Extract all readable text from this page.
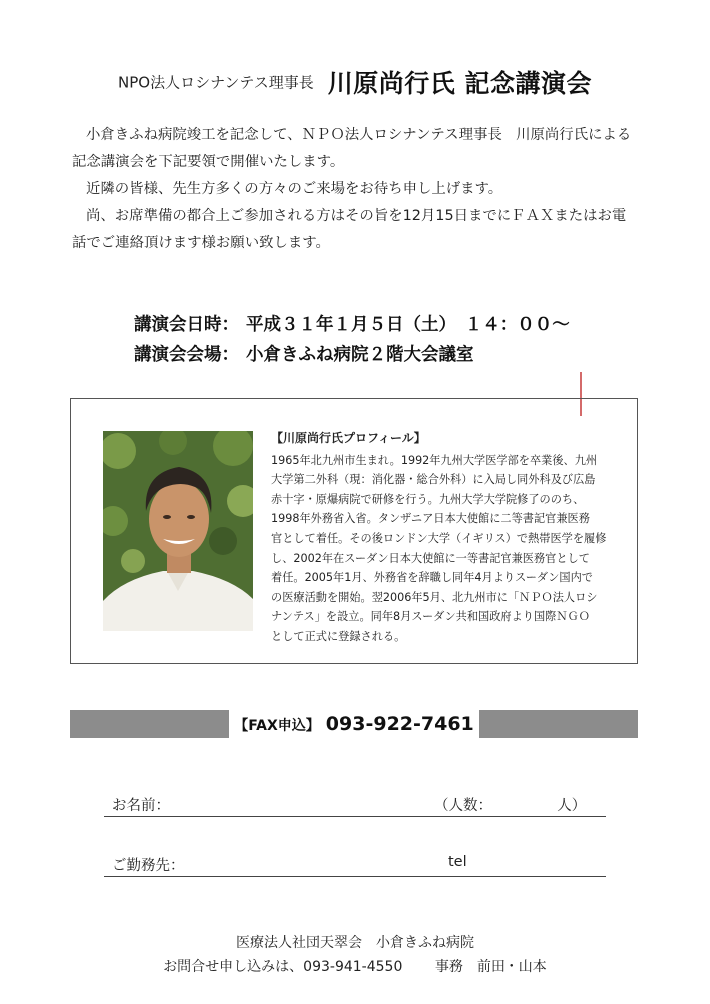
NPO法人ロシナンテス理事長 川原尚行氏 記念講演会

小倉きふね病院竣工を記念して、ＮＰＯ法人ロシナンテス理事長　川原尚行氏による

記念講演会を下記要領で開催いたします。

近隣の皆様、先生方多くの方々のご来場をお待ち申し上げます。

尚、お席準備の都合上ご参加される方はその旨を12月15日までにＦＡＸまたはお電

話でご連絡頂けます様お願い致します。

講演会日時： 平成３１年１月５日（土）　１４：００～
講演会会場： 小倉きふね病院２階大会議室
【川原尚行氏プロフィール】
1965年北九州市生まれ。1992年九州大学医学部を卒業後、九州
大学第二外科（現：消化器・総合外科）に入局し同外科及び広島
赤十字・原爆病院で研修を行う。九州大学大学院修了ののち、
1998年外務省入省。タンザニア日本大使館に二等書記官兼医務
官として着任。その後ロンドン大学（イギリス）で熱帯医学を履修
し、2002年在スーダン日本大使館に一等書記官兼医務官として
着任。2005年1月、外務省を辞職し同年4月よりスーダン国内で
の医療活動を開始。翌2006年5月、北九州市に「ＮＰＯ法人ロシ
ナンテス」を設立。同年8月スーダン共和国政府より国際ＮＧＯ
として正式に登録される。
【FAX申込】 093-922-7461
お名前：	（人数：　　　　　人）
ご勤務先：	tel
医療法人社団天翠会　小倉きふね病院
お問合せ申し込みは、093-941-4550　　 事務　前田・山本
